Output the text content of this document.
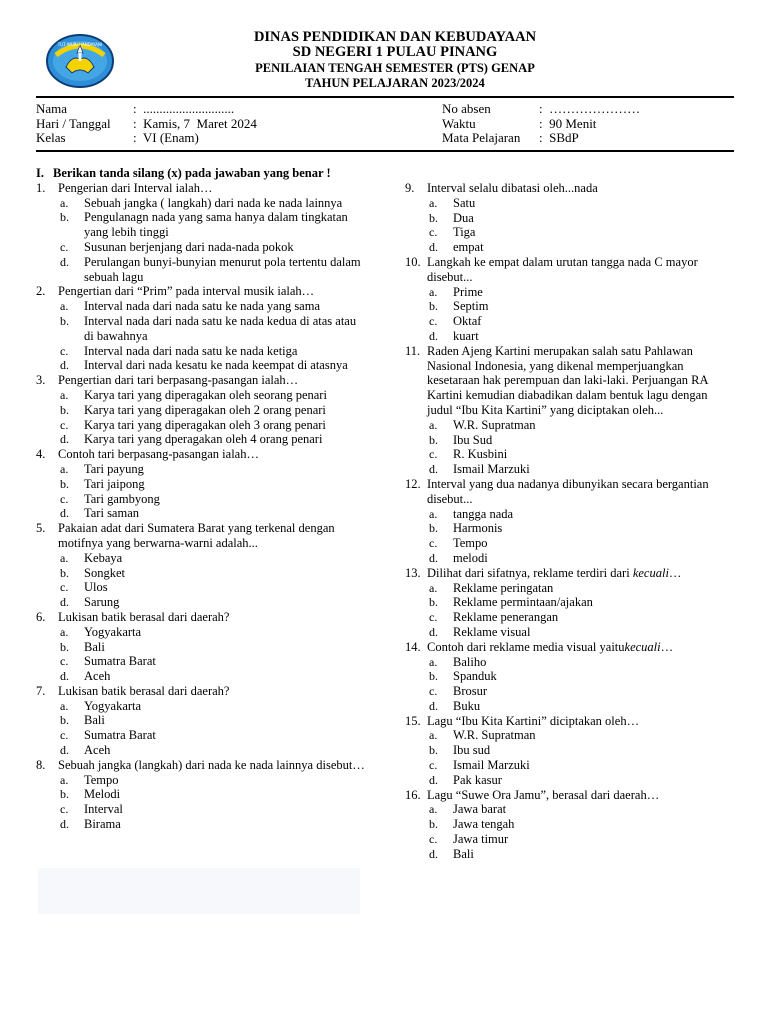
TUT WURI HANDAYANI	DINAS PENDIDIKAN DAN KEBUDAYAAN
SD NEGERI 1 PULAU PINANG
PENILAIAN TENGAH SEMESTER (PTS) GENAP
TAHUN PELAJARAN 2023/2024

Nama

	:  ............................

Hari / Tanggal

:  Kamis, 7  Maret 2024

Kelas

	:  VI (Enam)

No absen

	:  …………………

Waktu

	:  90 Menit

Mata Pelajaran

:  SBdP

I. Berikan tanda silang (x) pada jawaban yang benar !
1.	Pengerian dari Interval ialah…
a.	Sebuah jangka ( langkah) dari nada ke nada lainnya
b.	Pengulanagn nada yang sama hanya dalam tingkatan yang lebih tinggi
c.	Susunan berjenjang dari nada-nada pokok
d.	Perulangan bunyi-bunyian menurut pola tertentu dalam sebuah lagu
2.	Pengertian dari “Prim” pada interval musik ialah…
a.	Interval nada dari nada satu ke nada yang sama
b.	Interval nada dari nada satu ke nada kedua di atas atau di bawahnya
c.	Interval nada dari nada satu ke nada ketiga
d.	Interval dari nada kesatu ke nada keempat di atasnya
3.	Pengertian dari tari berpasang-pasangan ialah…
a.	Karya tari yang diperagakan oleh seorang penari
b.	Karya tari yang diperagakan oleh 2 orang penari
c.	Karya tari yang diperagakan oleh 3 orang penari
d.	Karya tari yang dperagakan oleh 4 orang penari
4.	Contoh tari berpasang-pasangan ialah…
a.	Tari payung
b.	Tari jaipong
c.	Tari gambyong
d.	Tari saman
5.	Pakaian adat dari Sumatera Barat yang terkenal dengan motifnya yang berwarna-warni adalah...
a.	Kebaya
b.	Songket
c.	Ulos
d.	Sarung
6.	Lukisan batik berasal dari daerah?
a.	Yogyakarta
b.	Bali
c.	Sumatra Barat
d.	Aceh
7.	Lukisan batik berasal dari daerah?
a.	Yogyakarta
b.	Bali
c.	Sumatra Barat
d.	Aceh
8.	Sebuah jangka (langkah) dari nada ke nada lainnya disebut…
a.	Tempo
b.	Melodi
c.	Interval
d.	Birama
9.	Interval selalu dibatasi oleh...nada
a.	Satu
b.	Dua
c.	Tiga
d.	empat
10. Langkah ke empat dalam urutan tangga nada C mayor disebut...
a.	Prime
b.	Septim
c.	Oktaf
d.	kuart
11. Raden Ajeng Kartini merupakan salah satu Pahlawan Nasional Indonesia, yang dikenal memperjuangkan kesetaraan hak perempuan dan laki-laki. Perjuangan RA Kartini kemudian diabadikan dalam bentuk lagu dengan judul “Ibu Kita Kartini” yang diciptakan oleh...
a.	W.R. Supratman
b.	Ibu Sud
c.	R. Kusbini
d.	Ismail Marzuki
12. Interval yang dua nadanya dibunyikan secara bergantian disebut...
a.	tangga nada
b.	Harmonis
c.	Tempo
d.	melodi
13. Dilihat dari sifatnya, reklame terdiri dari kecuali…
a.	Reklame peringatan
b.	Reklame permintaan/ajakan
c.	Reklame penerangan
d.	Reklame visual
14. Contoh dari reklame media visual yaitukecuali…
a.	Baliho
b.	Spanduk
c.	Brosur
d.	Buku
15. Lagu “Ibu Kita Kartini” diciptakan oleh…
a.	W.R. Supratman
b.	Ibu sud
c.	Ismail Marzuki
d.	Pak kasur
16. Lagu “Suwe Ora Jamu”, berasal dari daerah…
a.	Jawa barat
b.	Jawa tengah
c.	Jawa timur
d.	Bali
